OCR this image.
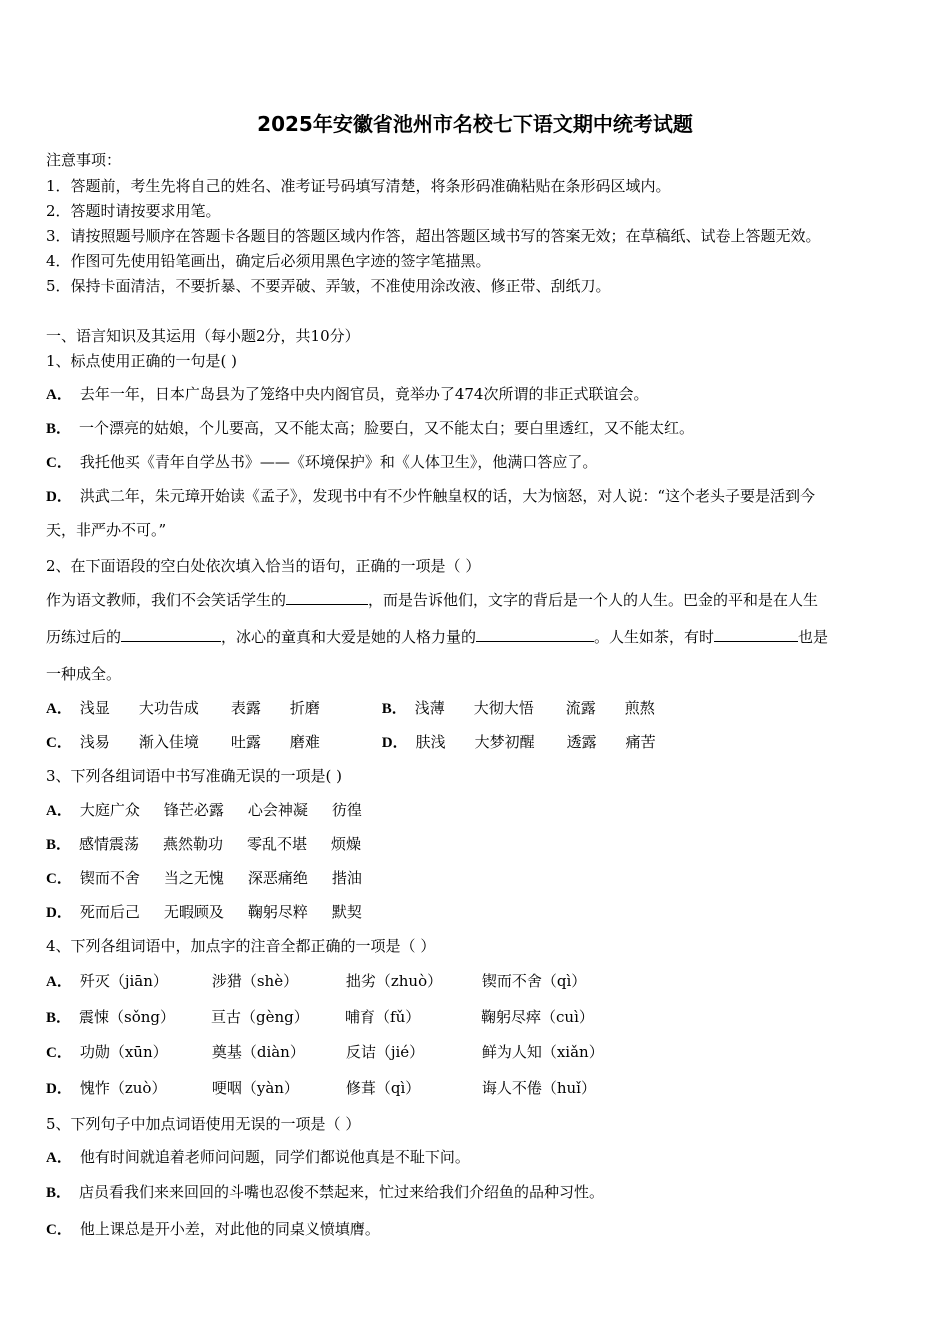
2025年安徽省池州市名校七下语文期中统考试题
注意事项：
1．答题前，考生先将自己的姓名、准考证号码填写清楚，将条形码准确粘贴在条形码区域内。
2．答题时请按要求用笔。
3．请按照题号顺序在答题卡各题目的答题区域内作答，超出答题区域书写的答案无效；在草稿纸、试卷上答题无效。
4．作图可先使用铅笔画出，确定后必须用黑色字迹的签字笔描黑。
5．保持卡面清洁，不要折暴、不要弄破、弄皱，不准使用涂改液、修正带、刮纸刀。
一、语言知识及其运用（每小题2分，共10分）
1、标点使用正确的一句是( )
A． 去年一年，日本广岛县为了笼络中央内阁官员，竟举办了474次所谓的非正式联谊会。
B． 一个漂亮的姑娘，个儿要高，又不能太高；脸要白，又不能太白；要白里透红，又不能太红。
C． 我托他买《青年自学丛书》——《环境保护》和《人体卫生》，他满口答应了。
D． 洪武二年，朱元璋开始读《孟子》，发现书中有不少忤触皇权的话，大为恼怒，对人说：“这个老头子要是活到今
天，非严办不可。”
2、在下面语段的空白处依次填入恰当的语句，正确的一项是（ ）
作为语文教师，我们不会笑话学生的	，而是告诉他们，文字的背后是一个人的人生。巴金的平和是在人生
历练过后的	，冰心的童真和大爱是她的人格力量的	。人生如茶，有时	也是
一种成全。
A． 浅显 大功告成 表露 折磨	B． 浅薄 大彻大悟 流露 煎熬
C． 浅易 渐入佳境 吐露 磨难	D． 肤浅 大梦初醒 透露 痛苦
3、下列各组词语中书写准确无误的一项是( )
A． 大庭广众 锋芒必露 心会神凝 彷徨
B． 感情震荡 燕然勒功 零乱不堪 烦燥
C． 锲而不舍 当之无愧 深恶痛绝 揩油
D． 死而后己 无暇顾及 鞠躬尽粹 默契
4、下列各组词语中，加点字的注音全都正确的一项是（ ）
A． 歼灭（jiān）	涉猎（shè）	拙劣（zhuò）	锲而不舍（qì）
B． 震悚（sǒng） 亘古（gèng） 哺育（fǔ）	鞠躬尽瘁（cuì）
C． 功勋（xūn）	奠基（diàn）	反诘（jié）	鲜为人知（xiǎn）
D． 愧怍（zuò）	哽咽（yàn）	修葺（qì）	诲人不倦（huǐ）
5、下列句子中加点词语使用无误的一项是（ ）
A． 他有时间就追着老师问问题，同学们都说他真是不耻下问。
B． 店员看我们来来回回的斗嘴也忍俊不禁起来，忙过来给我们介绍鱼的品种习性。
C． 他上课总是开小差，对此他的同桌义愤填膺。
